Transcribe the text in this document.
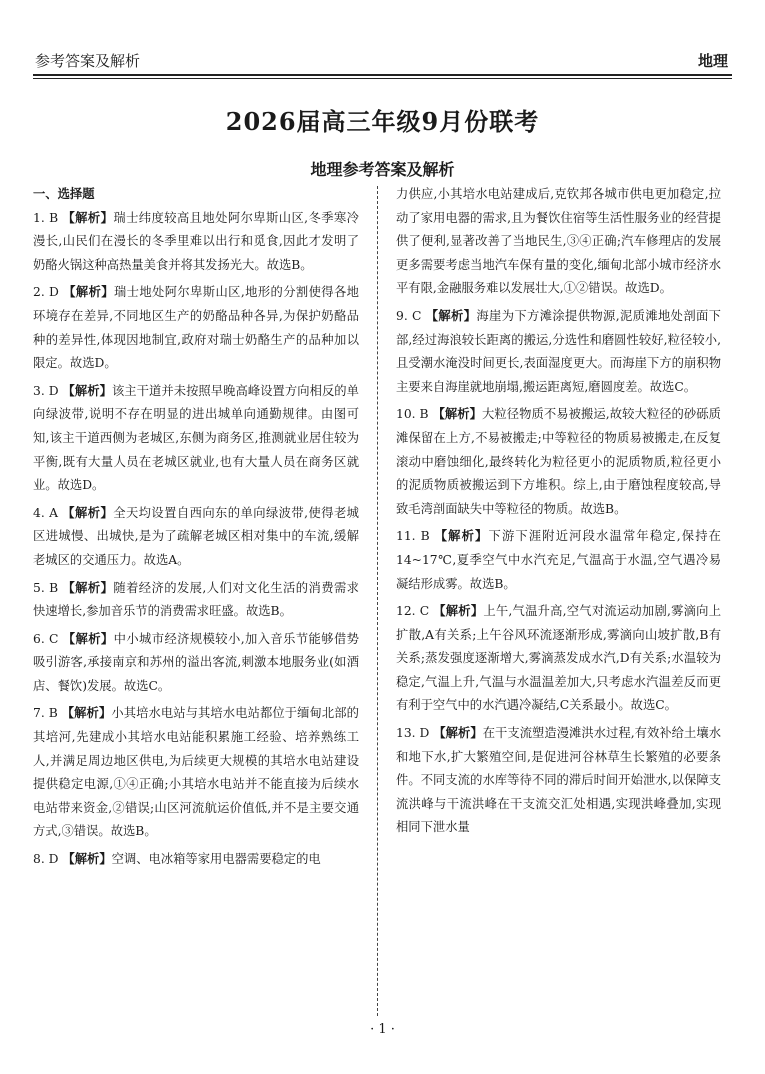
参考答案及解析	地理
2026届高三年级9月份联考
地理参考答案及解析
一、选择题
1. B 【解析】瑞士纬度较高且地处阿尔卑斯山区,冬季寒冷漫长,山民们在漫长的冬季里难以出行和觅食,因此才发明了奶酪火锅这种高热量美食并将其发扬光大。故选B。
2. D 【解析】瑞士地处阿尔卑斯山区,地形的分割使得各地环境存在差异,不同地区生产的奶酪品种各异,为保护奶酪品种的差异性,体现因地制宜,政府对瑞士奶酪生产的品种加以限定。故选D。
3. D 【解析】该主干道并未按照早晚高峰设置方向相反的单向绿波带,说明不存在明显的进出城单向通勤规律。由图可知,该主干道西侧为老城区,东侧为商务区,推测就业居住较为平衡,既有大量人员在老城区就业,也有大量人员在商务区就业。故选D。
4. A 【解析】全天均设置自西向东的单向绿波带,使得老城区进城慢、出城快,是为了疏解老城区相对集中的车流,缓解老城区的交通压力。故选A。
5. B 【解析】随着经济的发展,人们对文化生活的消费需求快速增长,参加音乐节的消费需求旺盛。故选B。
6. C 【解析】中小城市经济规模较小,加入音乐节能够借势吸引游客,承接南京和苏州的溢出客流,刺激本地服务业(如酒店、餐饮)发展。故选C。
7. B 【解析】小其培水电站与其培水电站都位于缅甸北部的其培河,先建成小其培水电站能积累施工经验、培养熟练工人,并满足周边地区供电,为后续更大规模的其培水电站建设提供稳定电源,①④正确;小其培水电站并不能直接为后续水电站带来资金,②错误;山区河流航运价值低,并不是主要交通方式,③错误。故选B。
8. D 【解析】空调、电冰箱等家用电器需要稳定的电
力供应,小其培水电站建成后,克钦邦各城市供电更加稳定,拉动了家用电器的需求,且为餐饮住宿等生活性服务业的经营提供了便利,显著改善了当地民生,③④正确;汽车修理店的发展更多需要考虑当地汽车保有量的变化,缅甸北部小城市经济水平有限,金融服务难以发展壮大,①②错误。故选D。
9. C 【解析】海崖为下方滩涂提供物源,泥质滩地处剖面下部,经过海浪较长距离的搬运,分选性和磨圆性较好,粒径较小,且受潮水淹没时间更长,表面湿度更大。而海崖下方的崩积物主要来自海崖就地崩塌,搬运距离短,磨圆度差。故选C。
10. B 【解析】大粒径物质不易被搬运,故较大粒径的砂砾质滩保留在上方,不易被搬走;中等粒径的物质易被搬走,在反复滚动中磨蚀细化,最终转化为粒径更小的泥质物质,粒径更小的泥质物质被搬运到下方堆积。综上,由于磨蚀程度较高,导致毛湾剖面缺失中等粒径的物质。故选B。
11. B 【解析】下游下涯附近河段水温常年稳定,保持在14~17℃,夏季空气中水汽充足,气温高于水温,空气遇冷易凝结形成雾。故选B。
12. C 【解析】上午,气温升高,空气对流运动加剧,雾滴向上扩散,A有关系;上午谷风环流逐渐形成,雾滴向山坡扩散,B有关系;蒸发强度逐渐增大,雾滴蒸发成水汽,D有关系;水温较为稳定,气温上升,气温与水温温差加大,只考虑水汽温差反而更有利于空气中的水汽遇冷凝结,C关系最小。故选C。
13. D 【解析】在干支流塑造漫滩洪水过程,有效补给土壤水和地下水,扩大繁殖空间,是促进河谷林草生长繁殖的必要条件。不同支流的水库等待不同的滞后时间开始泄水,以保障支流洪峰与干流洪峰在干支流交汇处相遇,实现洪峰叠加,实现相同下泄水量
· 1 ·
